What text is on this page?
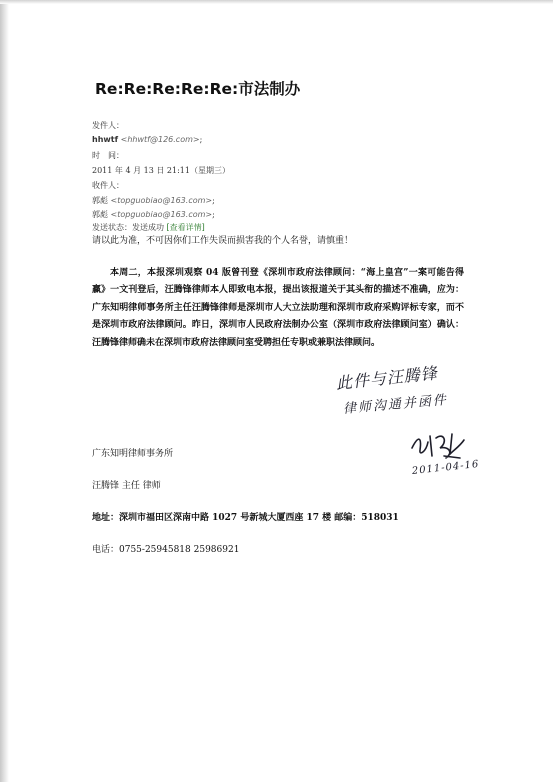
Re:Re:Re:Re:Re:市法制办
发件人：
hhwtf <hhwtf@126.com>;
时　间：
2011 年 4 月 13 日 21:11（星期三）
收件人：
郭彪 <topguobiao@163.com>;
郭彪 <topguobiao@163.com>;
发送状态：发送成功 [查看详情]
请以此为准，不可因你们工作失误而损害我的个人名誉，请慎重！
本周二，本报深圳观察 04 版曾刊登《深圳市政府法律顾问：“海上皇宫”一案可能告得赢》一文刊登后，汪腾锋律师本人即致电本报，提出该报道关于其头衔的描述不准确，应为：广东知明律师事务所主任汪腾锋律师是深圳市人大立法助理和深圳市政府采购评标专家，而不是深圳市政府法律顾问。昨日，深圳市人民政府法制办公室（深圳市政府法律顾问室）确认：汪腾锋律师确未在深圳市政府法律顾问室受聘担任专职或兼职法律顾问。
此件与汪腾锋
律师沟通并函件
2011-04-16
广东知明律师事务所
汪腾锋 主任 律师
地址：深圳市福田区深南中路 1027 号新城大厦西座 17 楼 邮编：518031
电话：0755-25945818 25986921
